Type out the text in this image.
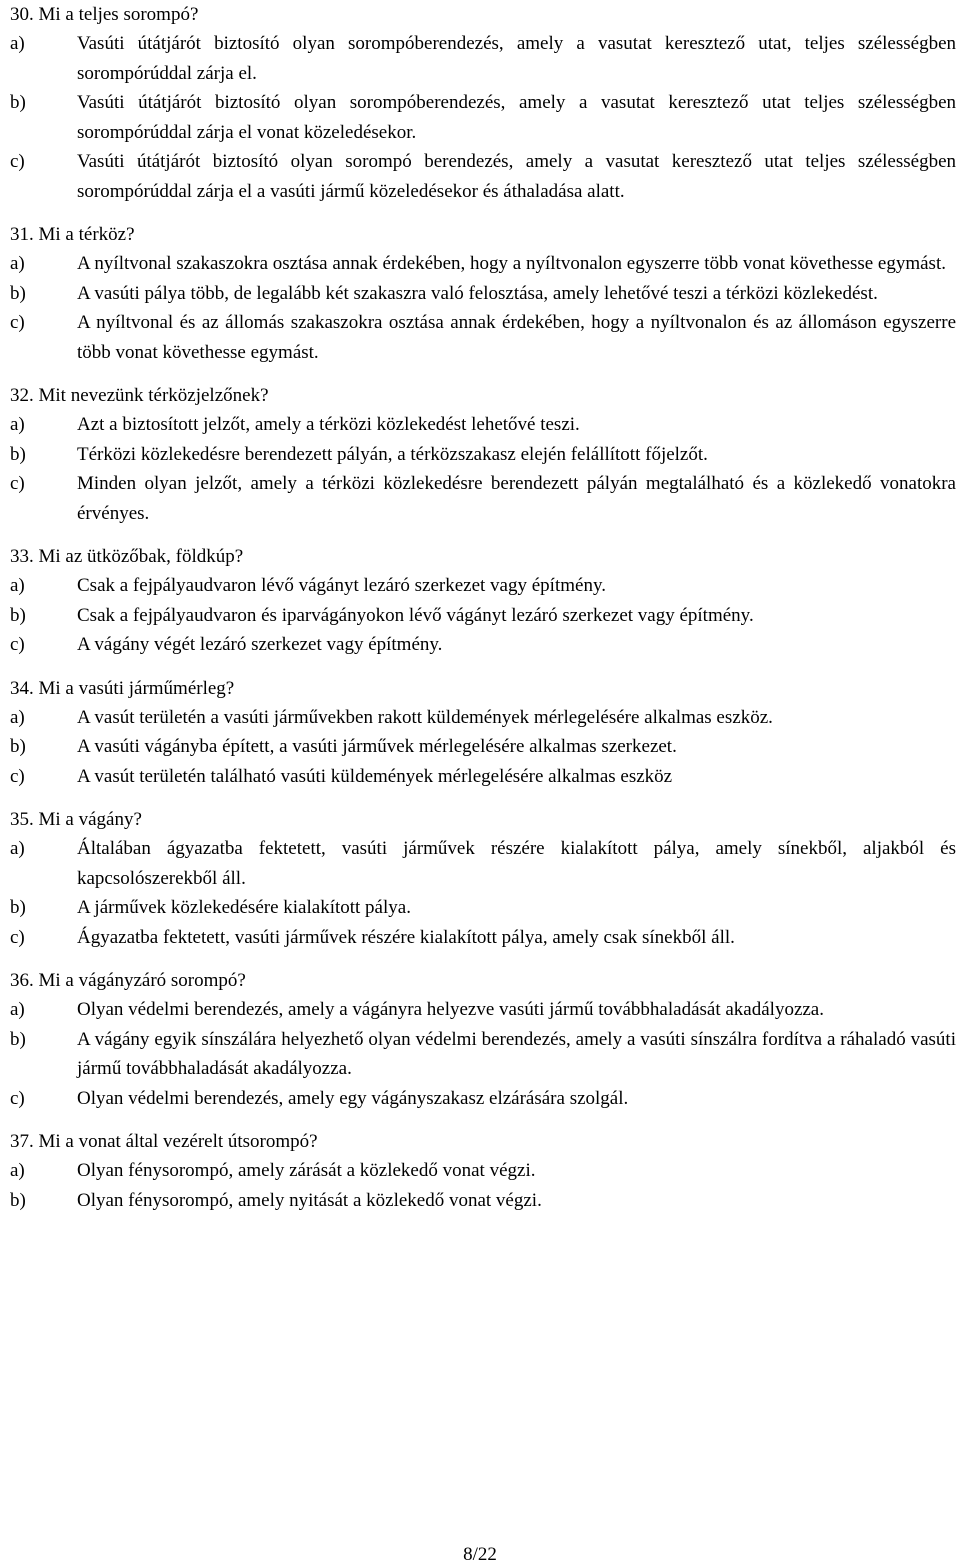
30. Mi a teljes sorompó?
a)	Vasúti útátjárót biztosító olyan sorompóberendezés, amely a vasutat keresztező utat, teljes szélességben sorompórúddal zárja el.
b)	Vasúti útátjárót biztosító olyan sorompóberendezés, amely a vasutat keresztező utat teljes szélességben sorompórúddal zárja el vonat közeledésekor.
c)	Vasúti útátjárót biztosító olyan sorompó berendezés, amely a vasutat keresztező utat teljes szélességben sorompórúddal zárja el a vasúti jármű közeledésekor és áthaladása alatt.
31. Mi a térköz?
a)	A nyíltvonal szakaszokra osztása annak érdekében, hogy a nyíltvonalon egyszerre több vonat követhesse egymást.
b)	A vasúti pálya több, de legalább két szakaszra való felosztása, amely lehetővé teszi a térközi közlekedést.
c)	A nyíltvonal és az állomás szakaszokra osztása annak érdekében, hogy a nyíltvonalon és az állomáson egyszerre több vonat követhesse egymást.
32. Mit nevezünk térközjelzőnek?
a)	Azt a biztosított jelzőt, amely a térközi közlekedést lehetővé teszi.
b)	Térközi közlekedésre berendezett pályán, a térközszakasz elején felállított főjelzőt.
c)	Minden olyan jelzőt, amely a térközi közlekedésre berendezett pályán megtalálható és a közlekedő vonatokra érvényes.
33. Mi az ütközőbak, földkúp?
a)	Csak a fejpályaudvaron lévő vágányt lezáró szerkezet vagy építmény.
b)	Csak a fejpályaudvaron és iparvágányokon lévő vágányt lezáró szerkezet vagy építmény.
c)	A vágány végét lezáró szerkezet vagy építmény.
34. Mi a vasúti járműmérleg?
a)	A vasút területén a vasúti járművekben rakott küldemények mérlegelésére alkalmas eszköz.
b)	A vasúti vágányba épített, a vasúti járművek mérlegelésére alkalmas szerkezet.
c)	A vasút területén található vasúti küldemények mérlegelésére alkalmas eszköz
35. Mi a vágány?
a)	Általában ágyazatba fektetett, vasúti járművek részére kialakított pálya, amely sínekből, aljakból és kapcsolószerekből áll.
b)	A járművek közlekedésére kialakított pálya.
c)	Ágyazatba fektetett, vasúti járművek részére kialakított pálya, amely csak sínekből áll.
36. Mi a vágányzáró sorompó?
a)	Olyan védelmi berendezés, amely a vágányra helyezve vasúti jármű továbbhaladását akadályozza.
b)	A vágány egyik sínszálára helyezhető olyan védelmi berendezés, amely a vasúti sínszálra fordítva a ráhaladó vasúti jármű továbbhaladását akadályozza.
c)	Olyan védelmi berendezés, amely egy vágányszakasz elzárására szolgál.
37. Mi a vonat által vezérelt útsorompó?
a)	Olyan fénysorompó, amely zárását a közlekedő vonat végzi.
b)	Olyan fénysorompó, amely nyitását a közlekedő vonat végzi.
8/22
